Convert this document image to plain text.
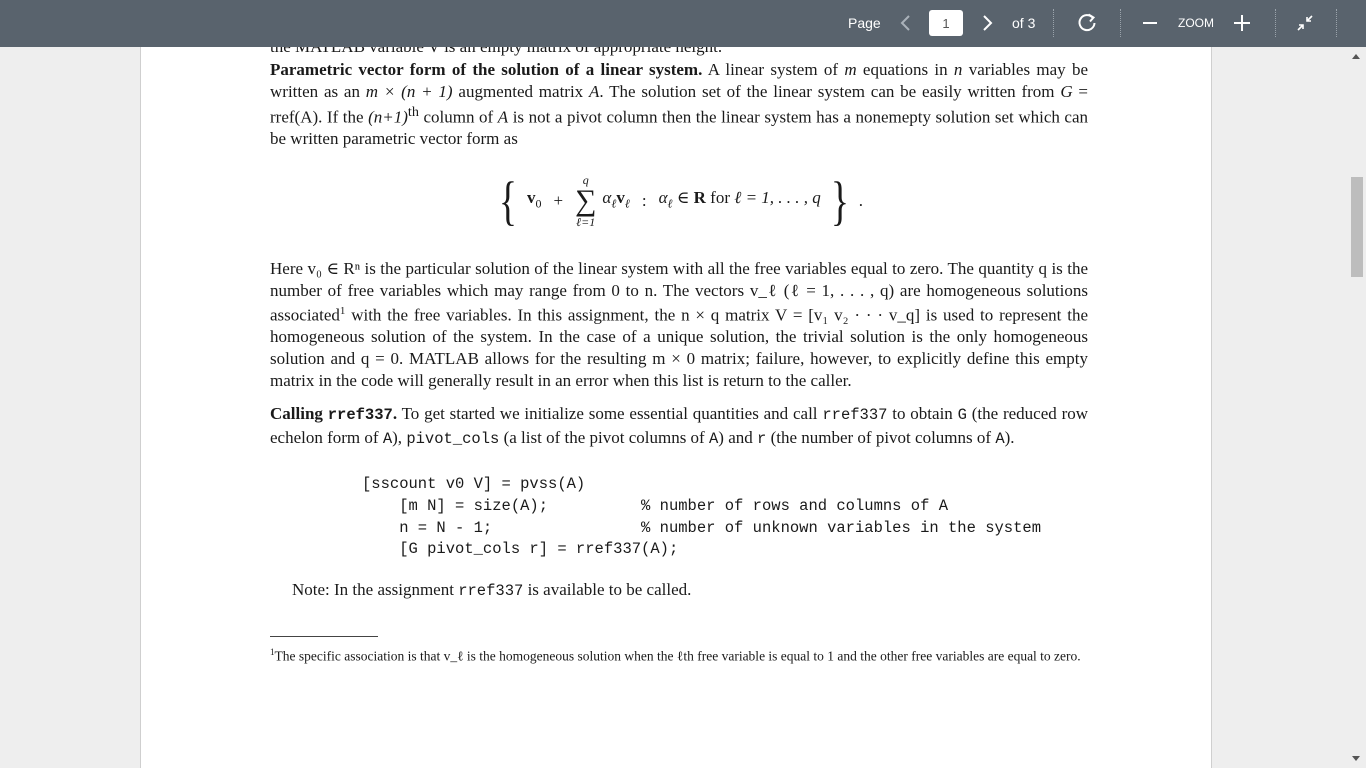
Page
1	of 3	ZOOM

Parametric vector form of the solution of a linear system. A linear system of m equations in n variables may be written as an m × (n + 1) augmented matrix A. The solution set of the linear system can be easily written from G = rref(A). If the $(n+1)^{th}$ column of A is not a pivot column then the linear system has a nonemepty solution set which can be written parametric vector form as

{ $v_0$ +
q
∑
ℓ=1
$\alpha_\ell v_\ell$ : $\alpha_\ell$ ∈ R for ℓ = 1, . . . , q } .

Here v₀ ∈ Rⁿ is the particular solution of the linear system with all the free variables equal to zero. The quantity q is the number of free variables which may range from 0 to n. The vectors v_ℓ (ℓ = 1, . . . , q) are homogeneous solutions associated$^1$ with the free variables. In this assignment, the n × q matrix V = [v₁ v₂ · · · v_q] is used to represent the homogeneous solution of the system. In the case of a unique solution, the trivial solution is the only homogeneous solution and q = 0. MATLAB allows for the resulting m × 0 matrix; failure, however, to explicitly define this empty matrix in the code will generally result in an error when this list is return to the caller.

Calling rref337. To get started we initialize some essential quantities and call rref337 to obtain G (the reduced row echelon form of A), pivot_cols (a list of the pivot columns of A) and r (the number of pivot columns of A).

[sscount v0 V] = pvss(A)
[m N] = size(A);          % number of rows and columns of A
n = N - 1;                % number of unknown variables in the system
[G pivot_cols r] = rref337(A);

Note: In the assignment rref337 is available to be called.

$^1$The specific association is that v_ℓ is the homogeneous solution when the ℓth free variable is equal to 1 and the other free variables are equal to zero.
